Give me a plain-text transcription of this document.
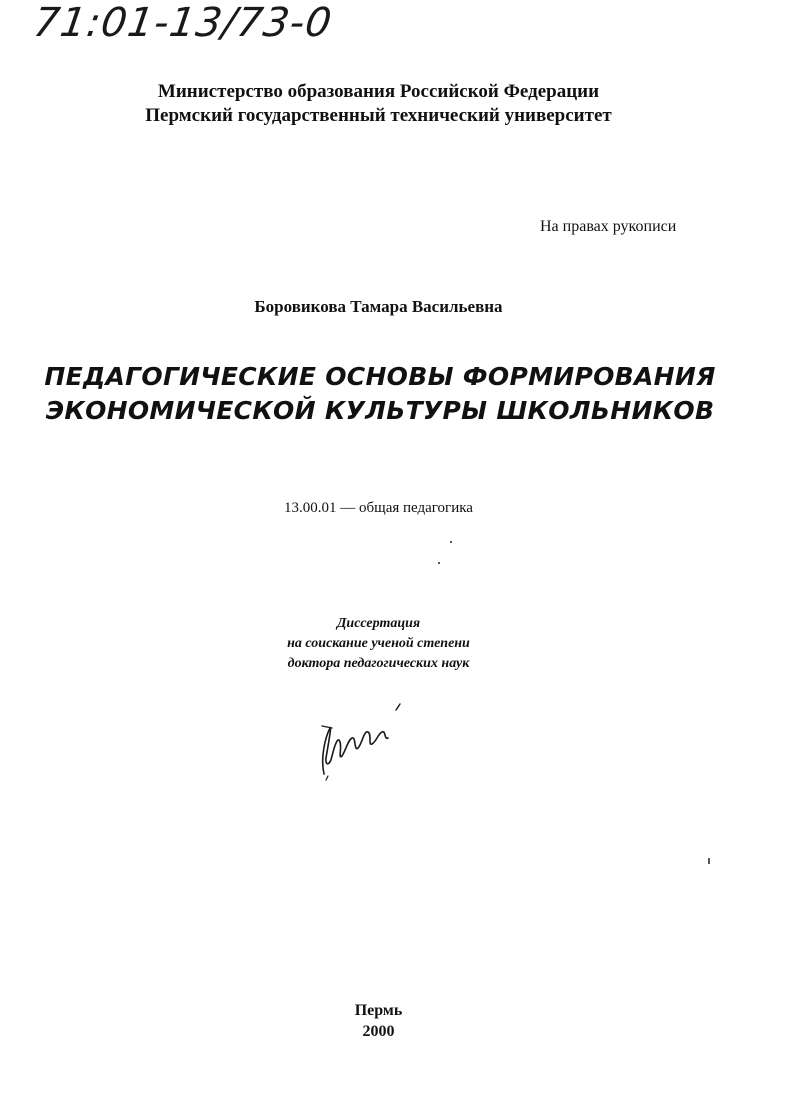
71:01-13/73-0
Министерство образования Российской Федерации
Пермский государственный технический университет
На правах рукописи
Боровикова Тамара Васильевна
ПЕДАГОГИЧЕСКИЕ ОСНОВЫ ФОРМИРОВАНИЯ
ЭКОНОМИЧЕСКОЙ КУЛЬТУРЫ ШКОЛЬНИКОВ
13.00.01 — общая педагогика
Диссертация
на соискание ученой степени
доктора педагогических наук
Пермь
2000
